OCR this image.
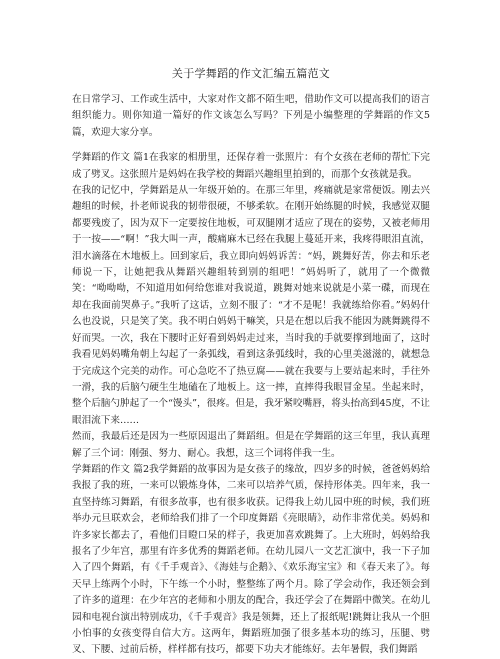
关于学舞蹈的作文汇编五篇范文

在日常学习、工作或生活中，大家对作文都不陌生吧，借助作文可以提高我们的语言组织能力。则你知道一篇好的作文该怎么写吗？下列是小编整理的学舞蹈的作文5篇，欢迎大家分享。

学舞蹈的作文 篇1在我家的相册里，还保存着一张照片：有个女孩在老师的帮忙下完成了劈叉。这张照片是妈妈在我学校的舞蹈兴趣组里拍到的，而那个女孩就是我。

在我的记忆中，学舞蹈是从一年级开始的。在那三年里，疼痛就是家常便饭。刚去兴趣组的时候，扑老师说我的韧带很硬，不够柔软。在刚开始练腿的时候，我感觉双腿都要残废了，因为双下一定要按住地板，可双腿刚才适应了现在的姿势，又被老师用于一按——“啊！”我大叫一声，酸痛麻木已经在我腿上蔓延开来，我疼得眼泪直流，泪水滴落在木地板上。回到家后，我立即向妈妈诉苦：“妈，跳舞好苦，你去和乐老师说一下，让她把我从舞蹈兴趣组转到别的组吧！”妈妈听了，就用了一个微微笑：“呦呦呦，不知道用如何给您谁对我说道，跳舞对她来说就是小菜一碟，而现在却在我面前哭鼻子。”我听了这话，立刻不服了：“才不是呢！我就练给你看。”妈妈什么也没说，只是笑了笑。我不明白妈妈干嘛笑，只是在想以后我不能因为跳舞跳得不好而哭。一次，我在下腰时正好看到妈妈走过来，当时我的手就要撑到地面了，这时我看见妈妈嘴角朝上勾起了一条弧线，看到这条弧线时，我的心里美滋滋的，就想急于完成这个完美的动作。可心急吃不了热豆腐——就在我要与上要站起来时，手往外一滑，我的后脑勺硬生生地磕在了地板上。这一摔，直摔得我眼冒金星。坐起来时，整个后脑勺肿起了一个“馒头”，很疼。但是，我牙紧咬嘴唇，将头抬高到45度，不让眼泪流下来……

然而，我最后还是因为一些原因退出了舞蹈组。但是在学舞蹈的这三年里，我认真理解了三个词：刚强、努力、耐心。我想，这三个词将伴我一生。

学舞蹈的作文 篇2我学舞蹈的故事因为是女孩子的缘故，四岁多的时候，爸爸妈妈给我报了我的班，一来可以锻炼身体，二来可以培养气质，保持形体美。四年来，我一直坚持练习舞蹈，有很多故事，也有很多收获。记得我上幼儿园中班的时候，我们班举办元旦联欢会，老师给我们排了一个印度舞蹈《亮眼睛》，动作非常优美。妈妈和许多家长都去了，看他们目瞪口呆的样子，我更加喜欢跳舞了。上大班时，妈妈给我报名了少年宫，那里有许多优秀的舞蹈老师。在幼儿园八一文艺汇演中，我一下子加入了四个舞蹈，有《千手观音》、《海娃与企鹅》、《欢乐海宝宝》和《春天来了》。每天早上练两个小时，下午练一个小时，整整练了两个月。除了学会动作，我还领会到了许多的道理：在少年宫的老师和小朋友的配合，我还学会了在舞蹈中微笑。在幼儿园和电视台演出特别成功，《千手观音》我是领舞，还上了报纸呢!跳舞让我从一个胆小怕事的女孩变得自信大方。这两年，舞蹈班加强了很多基本功的练习，压腿、劈叉、下腰、过前后桥，样样都有技巧，都要下功夫才能练好。去年暑假，我们舞蹈
